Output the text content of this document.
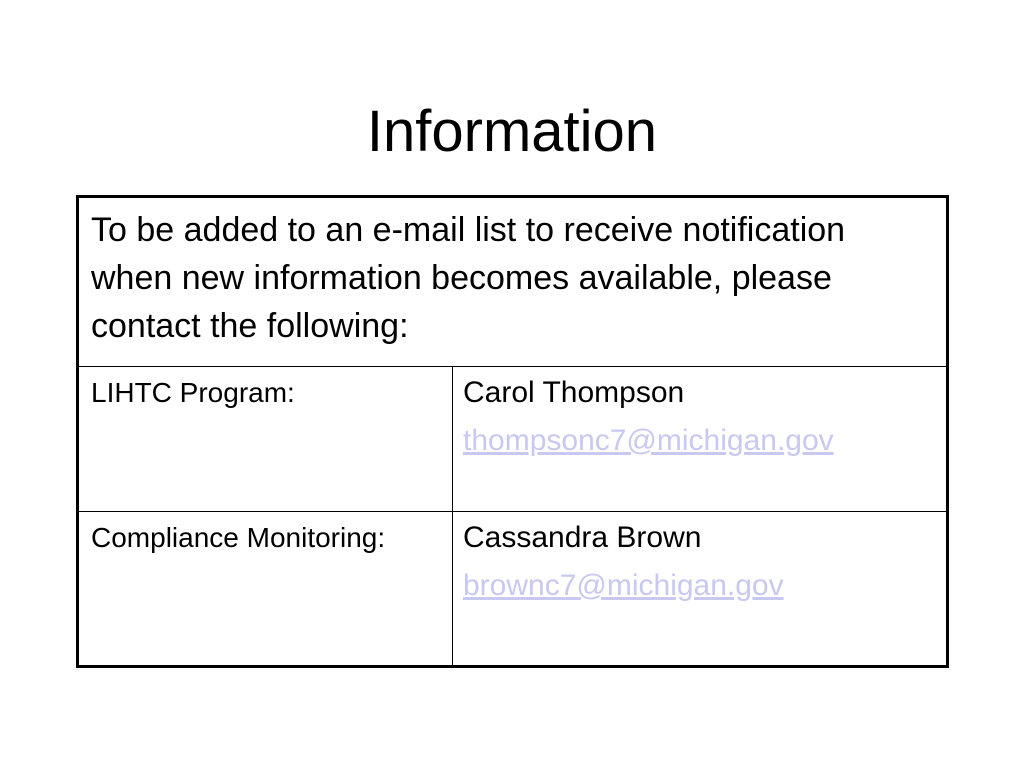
Information
To be added to an e-mail list to receive notification when new information becomes available, please contact the following:	

LIHTC Program:	Carol Thompson
thompsonc7@michigan.gov

Compliance Monitoring:	Cassandra Brown
brownc7@michigan.gov
